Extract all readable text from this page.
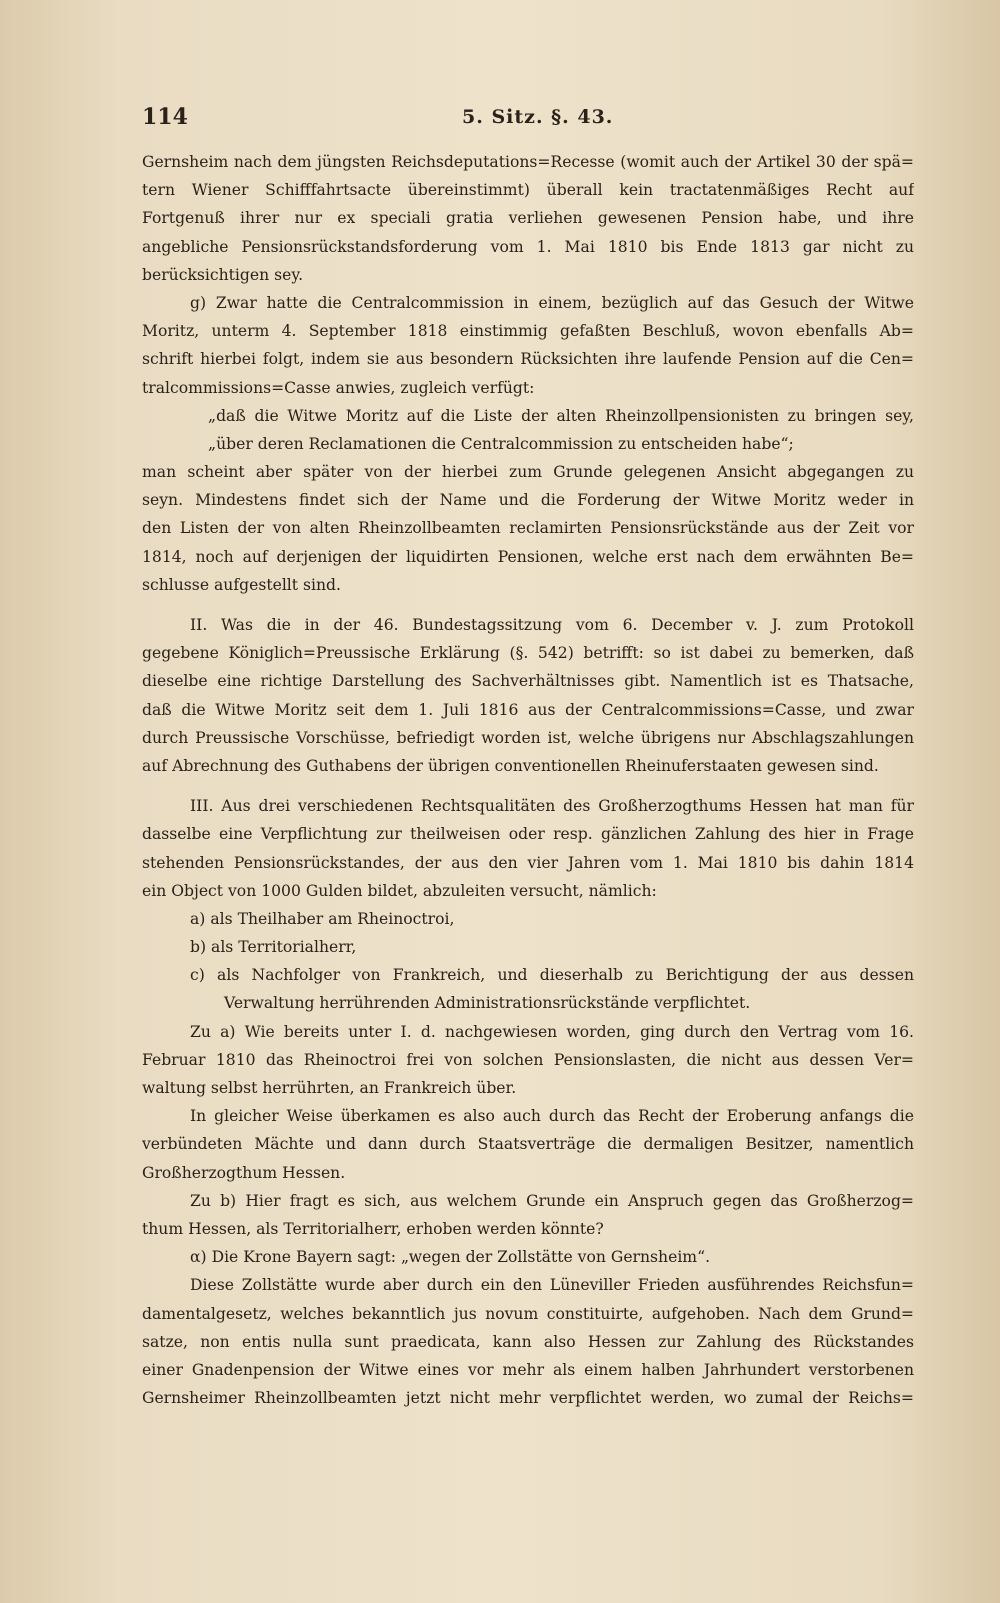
114	5. Sitz. §. 43.
Gernsheim nach dem jüngsten Reichsdeputations=Recesse (womit auch der Artikel 30 der spä=
tern Wiener Schifffahrtsacte übereinstimmt) überall kein tractatenmäßiges Recht auf
Fortgenuß ihrer nur ex speciali gratia verliehen gewesenen Pension habe, und ihre
angebliche Pensionsrückstandsforderung vom 1. Mai 1810 bis Ende 1813 gar nicht zu
berücksichtigen sey.
g) Zwar hatte die Centralcommission in einem, bezüglich auf das Gesuch der Witwe
Moritz, unterm 4. September 1818 einstimmig gefaßten Beschluß, wovon ebenfalls Ab=
schrift hierbei folgt, indem sie aus besondern Rücksichten ihre laufende Pension auf die Cen=
tralcommissions=Casse anwies, zugleich verfügt:
„daß die Witwe Moritz auf die Liste der alten Rheinzollpensionisten zu bringen sey,
„über deren Reclamationen die Centralcommission zu entscheiden habe“;
man scheint aber später von der hierbei zum Grunde gelegenen Ansicht abgegangen zu
seyn. Mindestens findet sich der Name und die Forderung der Witwe Moritz weder in
den Listen der von alten Rheinzollbeamten reclamirten Pensionsrückstände aus der Zeit vor
1814, noch auf derjenigen der liquidirten Pensionen, welche erst nach dem erwähnten Be=
schlusse aufgestellt sind.
II. Was die in der 46. Bundestagssitzung vom 6. December v. J. zum Protokoll
gegebene Königlich=Preussische Erklärung (§. 542) betrifft: so ist dabei zu bemerken, daß
dieselbe eine richtige Darstellung des Sachverhältnisses gibt. Namentlich ist es Thatsache,
daß die Witwe Moritz seit dem 1. Juli 1816 aus der Centralcommissions=Casse, und zwar
durch Preussische Vorschüsse, befriedigt worden ist, welche übrigens nur Abschlagszahlungen
auf Abrechnung des Guthabens der übrigen conventionellen Rheinuferstaaten gewesen sind.
III. Aus drei verschiedenen Rechtsqualitäten des Großherzogthums Hessen hat man für
dasselbe eine Verpflichtung zur theilweisen oder resp. gänzlichen Zahlung des hier in Frage
stehenden Pensionsrückstandes, der aus den vier Jahren vom 1. Mai 1810 bis dahin 1814
ein Object von 1000 Gulden bildet, abzuleiten versucht, nämlich:
a) als Theilhaber am Rheinoctroi,
b) als Territorialherr,
c) als Nachfolger von Frankreich, und dieserhalb zu Berichtigung der aus dessen
Verwaltung herrührenden Administrationsrückstände verpflichtet.
Zu a) Wie bereits unter I. d. nachgewiesen worden, ging durch den Vertrag vom 16.
Februar 1810 das Rheinoctroi frei von solchen Pensionslasten, die nicht aus dessen Ver=
waltung selbst herrührten, an Frankreich über.
In gleicher Weise überkamen es also auch durch das Recht der Eroberung anfangs die
verbündeten Mächte und dann durch Staatsverträge die dermaligen Besitzer, namentlich
Großherzogthum Hessen.
Zu b) Hier fragt es sich, aus welchem Grunde ein Anspruch gegen das Großherzog=
thum Hessen, als Territorialherr, erhoben werden könnte?
α) Die Krone Bayern sagt: „wegen der Zollstätte von Gernsheim“.
Diese Zollstätte wurde aber durch ein den Lüneviller Frieden ausführendes Reichsfun=
damentalgesetz, welches bekanntlich jus novum constituirte, aufgehoben. Nach dem Grund=
satze, non entis nulla sunt praedicata, kann also Hessen zur Zahlung des Rückstandes
einer Gnadenpension der Witwe eines vor mehr als einem halben Jahrhundert verstorbenen
Gernsheimer Rheinzollbeamten jetzt nicht mehr verpflichtet werden, wo zumal der Reichs=
